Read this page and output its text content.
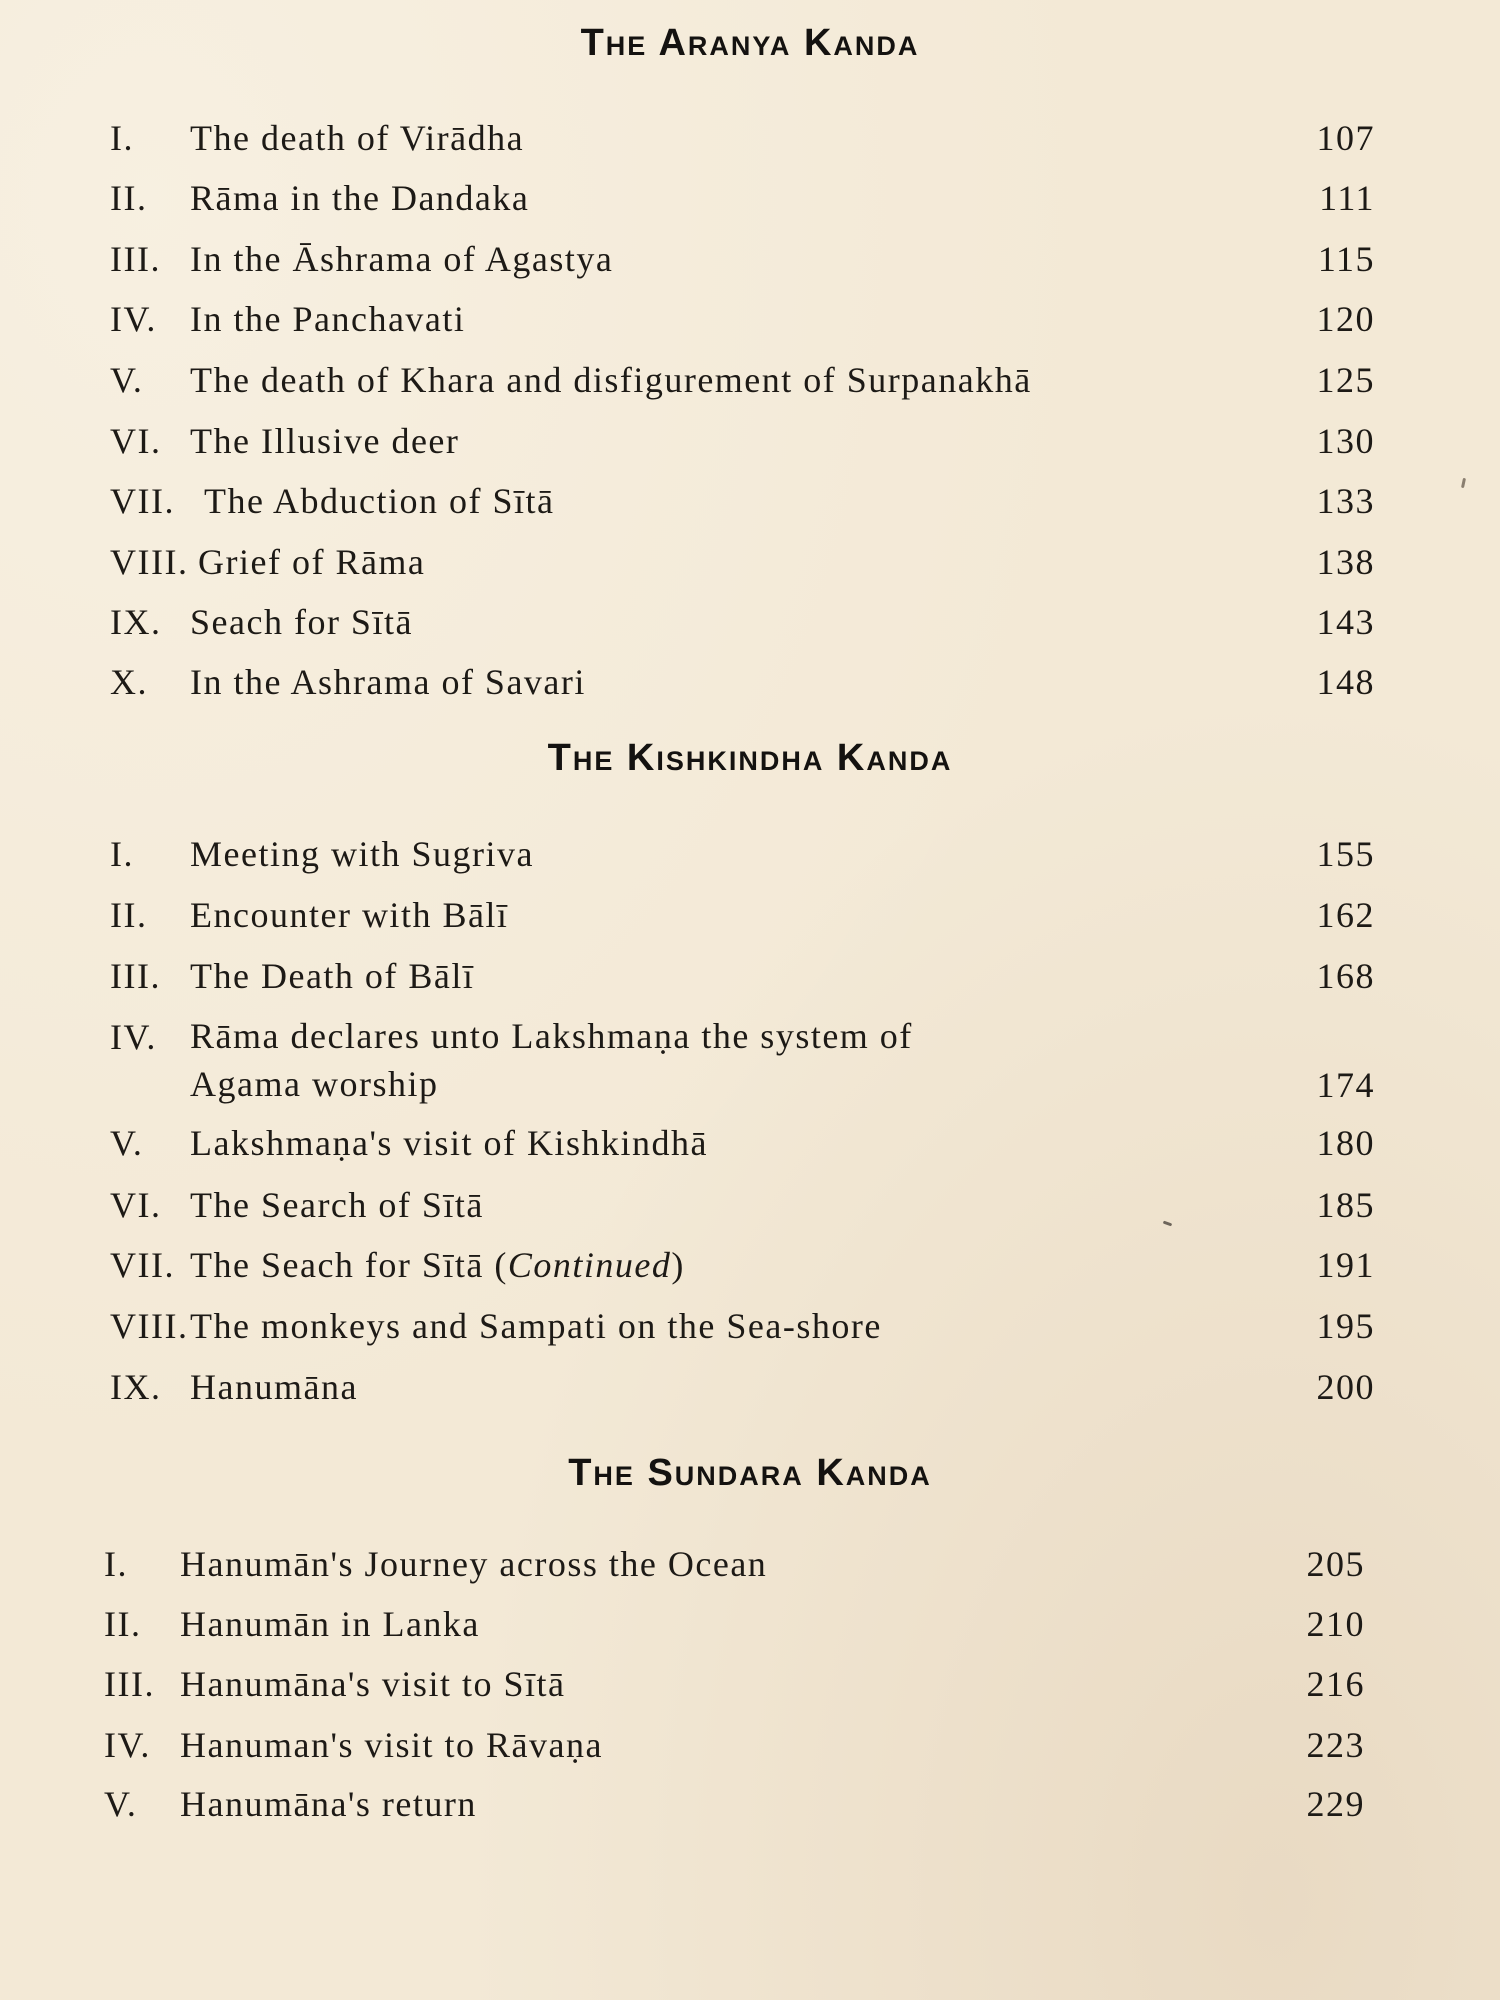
The Aranya Kanda
I. The death of Virādha	107
II. Rāma in the Dandaka	111
III. In the Āshrama of Agastya	115
IV. In the Panchavati	120
V. The death of Khara and disfigurement of Surpanakhā	125
VI. The Illusive deer	130
VII. The Abduction of Sītā	133
VIII. Grief of Rāma	138
IX. Seach for Sītā	143
X. In the Ashrama of Savari	148
The Kishkindha Kanda
I. Meeting with Sugriva	155
II. Encounter with Bālī	162
III. The Death of Bālī	168
IV. Rāma declares unto Lakshmaṇa the system of
Agama worship	174
V. Lakshmaṇa's visit of Kishkindhā	180
VI. The Search of Sītā	185
VII. The Seach for Sītā (Continued)	191
VIII. The monkeys and Sampati on the Sea-shore	195
IX. Hanumāna	200
The Sundara Kanda
I. Hanumān's Journey across the Ocean	205
II. Hanumān in Lanka	210
III. Hanumāna's visit to Sītā	216
IV. Hanuman's visit to Rāvaṇa	223
V. Hanumāna's return	229
